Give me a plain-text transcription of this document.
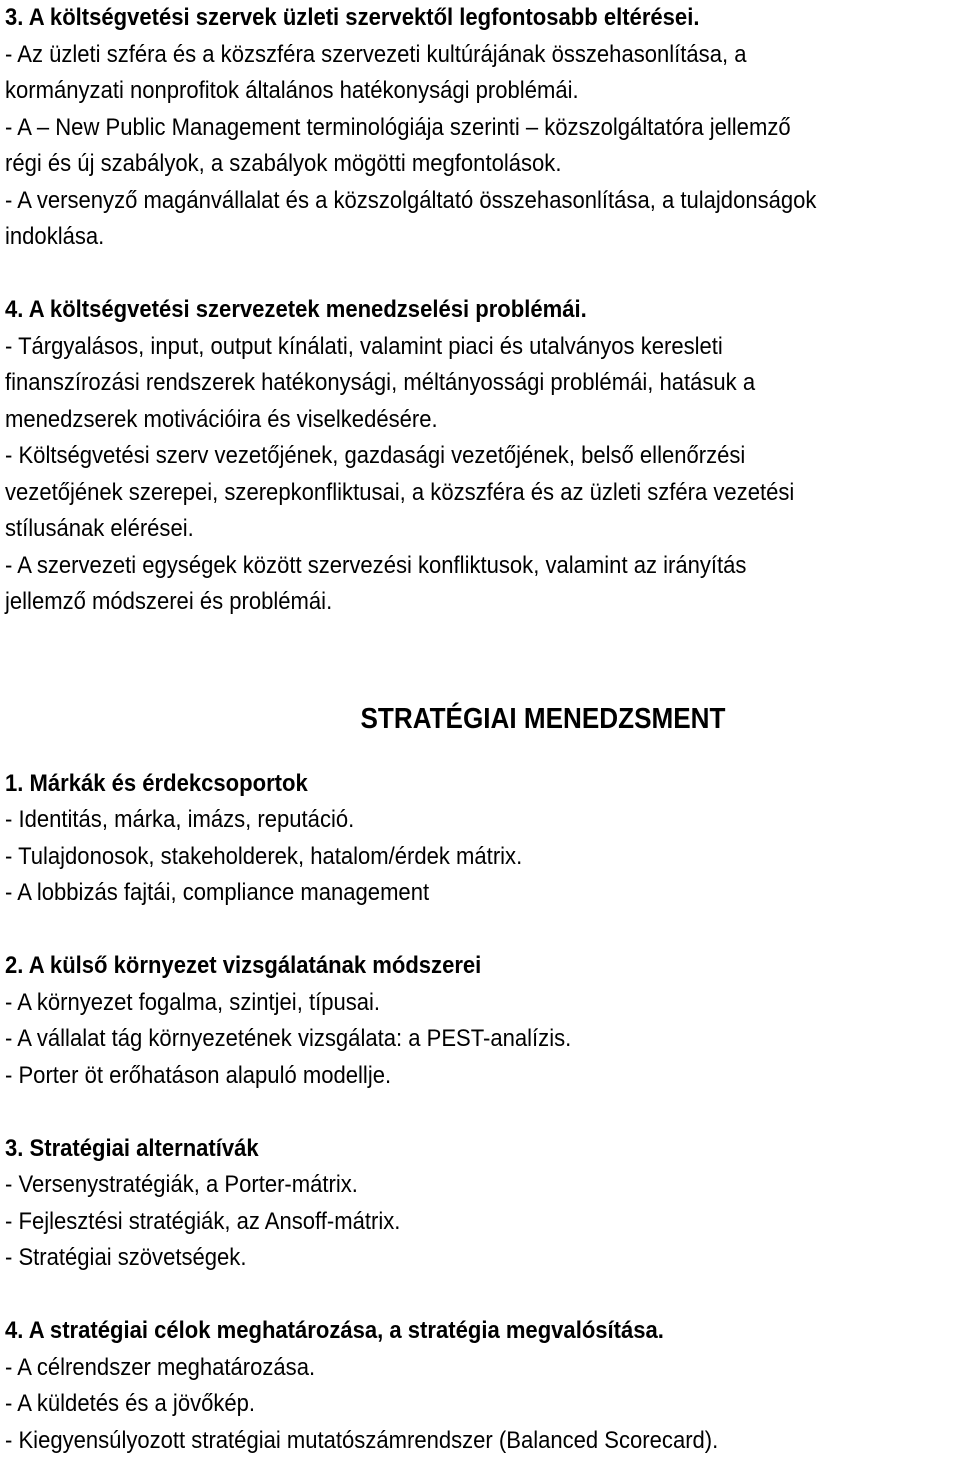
3. A költségvetési szervek üzleti szervektől legfontosabb eltérései.
- Az üzleti szféra és a közszféra szervezeti kultúrájának összehasonlítása, a
kormányzati nonprofitok általános hatékonysági problémái.
- A – New Public Management terminológiája szerinti – közszolgáltatóra jellemző
régi és új szabályok, a szabályok mögötti megfontolások.
- A versenyző magánvállalat és a közszolgáltató összehasonlítása, a tulajdonságok
indoklása.
4. A költségvetési szervezetek menedzselési problémái.
- Tárgyalásos, input, output kínálati, valamint piaci és utalványos keresleti
finanszírozási rendszerek hatékonysági, méltányossági problémái, hatásuk a
menedzserek motivációira és viselkedésére.
- Költségvetési szerv vezetőjének, gazdasági vezetőjének, belső ellenőrzési
vezetőjének szerepei, szerepkonfliktusai, a közszféra és az üzleti szféra vezetési
stílusának elérései.
- A szervezeti egységek között szervezési konfliktusok, valamint az irányítás
jellemző módszerei és problémái.
STRATÉGIAI MENEDZSMENT
1. Márkák és érdekcsoportok
- Identitás, márka, imázs, reputáció.
- Tulajdonosok, stakeholderek, hatalom/érdek mátrix.
- A lobbizás fajtái, compliance management
2. A külső környezet vizsgálatának módszerei
- A környezet fogalma, szintjei, típusai.
- A vállalat tág környezetének vizsgálata: a PEST-analízis.
- Porter öt erőhatáson alapuló modellje.
3. Stratégiai alternatívák
- Versenystratégiák, a Porter-mátrix.
- Fejlesztési stratégiák, az Ansoff-mátrix.
- Stratégiai szövetségek.
4. A stratégiai célok meghatározása, a stratégia megvalósítása.
- A célrendszer meghatározása.
- A küldetés és a jövőkép.
- Kiegyensúlyozott stratégiai mutatószámrendszer (Balanced Scorecard).
